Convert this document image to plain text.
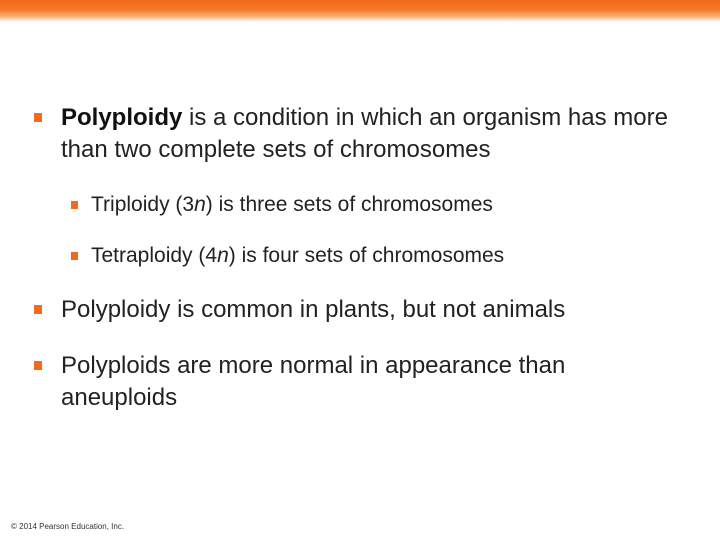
Polyploidy is a condition in which an organism has more than two complete sets of chromosomes
Triploidy (3n) is three sets of chromosomes
Tetraploidy (4n) is four sets of chromosomes
Polyploidy is common in plants, but not animals
Polyploids are more normal in appearance than aneuploids
© 2014 Pearson Education, Inc.
